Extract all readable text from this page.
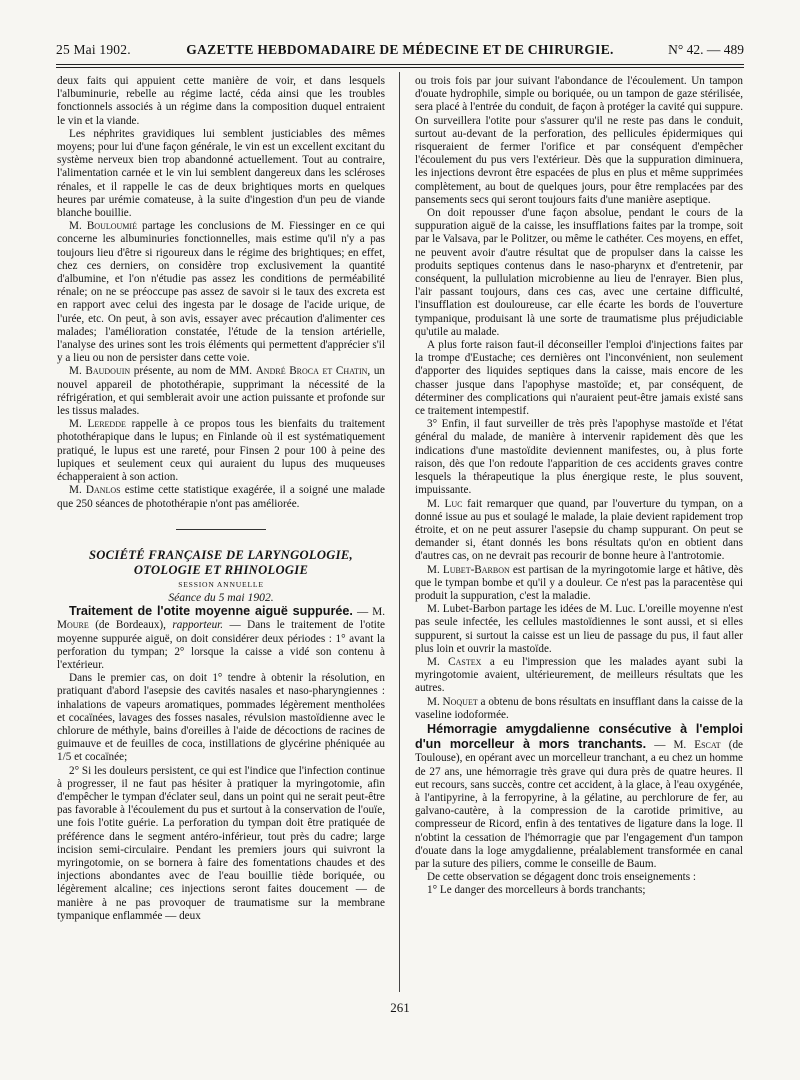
25 Mai 1902.	GAZETTE HEBDOMADAIRE DE MÉDECINE ET DE CHIRURGIE.	N° 42. — 489

deux faits qui appuient cette manière de voir, et dans lesquels l'albuminurie, rebelle au régime lacté, céda ainsi que les troubles fonctionnels associés à un régime dans la composition duquel entraient le vin et la viande.

Les néphrites gravidiques lui semblent justiciables des mêmes moyens; pour lui d'une façon générale, le vin est un excellent excitant du système nerveux bien trop abandonné actuellement. Tout au contraire, l'alimentation carnée et le vin lui semblent dangereux dans les scléroses rénales, et il rappelle le cas de deux brightiques morts en quelques heures par urémie comateuse, à la suite d'ingestion d'un peu de viande blanche bouillie.

M. Bouloumié partage les conclusions de M. Fiessinger en ce qui concerne les albuminuries fonctionnelles, mais estime qu'il n'y a pas toujours lieu d'être si rigoureux dans le régime des brightiques; en effet, chez ces derniers, on considère trop exclusivement la quantité d'albumine, et l'on n'étudie pas assez les conditions de perméabilité rénale; on ne se préoccupe pas assez de savoir si le taux des excreta est en rapport avec celui des ingesta par le dosage de l'acide urique, de l'urée, etc. On peut, à son avis, essayer avec précaution d'alimenter ces malades; l'amélioration constatée, l'étude de la tension artérielle, l'analyse des urines sont les trois éléments qui permettent d'apprécier s'il y a lieu ou non de persister dans cette voie.

M. Baudouin présente, au nom de MM. André Broca et Chatin, un nouvel appareil de photothérapie, supprimant la nécessité de la réfrigération, et qui semblerait avoir une action puissante et profonde sur les tissus malades.

M. Leredde rappelle à ce propos tous les bienfaits du traitement photothérapique dans le lupus; en Finlande où il est systématiquement pratiqué, le lupus est une rareté, pour Finsen 2 pour 100 à peine des lupiques et seulement ceux qui auraient du lupus des muqueuses échapperaient à son action.

M. Danlos estime cette statistique exagérée, il a soigné une malade que 250 séances de photothérapie n'ont pas améliorée.

SOCIÉTÉ FRANÇAISE DE LARYNGOLOGIE, OTOLOGIE ET RHINOLOGIE

SESSION ANNUELLE

Séance du 5 mai 1902.

Traitement de l'otite moyenne aiguë suppurée. — M. Moure (de Bordeaux), rapporteur. — Dans le traitement de l'otite moyenne suppurée aiguë, on doit considérer deux périodes : 1° avant la perforation du tympan; 2° lorsque la caisse a vidé son contenu à l'extérieur.

Dans le premier cas, on doit 1° tendre à obtenir la résolution, en pratiquant d'abord l'asepsie des cavités nasales et naso-pharyngiennes : inhalations de vapeurs aromatiques, pommades légèrement mentholées et cocaïnées, lavages des fosses nasales, révulsion mastoïdienne avec le chlorure de méthyle, bains d'oreilles à l'aide de décoctions de racines de guimauve et de feuilles de coca, instillations de glycérine phéniquée au 1/5 et cocaïnée;

2° Si les douleurs persistent, ce qui est l'indice que l'infection continue à progresser, il ne faut pas hésiter à pratiquer la myringotomie, afin d'empêcher le tympan d'éclater seul, dans un point qui ne serait peut-être pas favorable à l'écoulement du pus et surtout à la conservation de l'ouïe, une fois l'otite guérie. La perforation du tympan doit être pratiquée de préférence dans le segment antéro-inférieur, tout près du cadre; large incision semi-circulaire. Pendant les premiers jours qui suivront la myringotomie, on se bornera à faire des fomentations chaudes et des injections abondantes avec de l'eau bouillie tiède boriquée, ou légèrement alcaline; ces injections seront faites doucement — de manière à ne pas provoquer de traumatisme sur la membrane tympanique enflammée — deux

ou trois fois par jour suivant l'abondance de l'écoulement. Un tampon d'ouate hydrophile, simple ou boriquée, ou un tampon de gaze stérilisée, sera placé à l'entrée du conduit, de façon à protéger la cavité qui suppure. On surveillera l'otite pour s'assurer qu'il ne reste pas dans le conduit, surtout au-devant de la perforation, des pellicules épidermiques qui risqueraient de fermer l'orifice et par conséquent d'empêcher l'écoulement du pus vers l'extérieur. Dès que la suppuration diminuera, les injections devront être espacées de plus en plus et même supprimées complètement, au bout de quelques jours, pour être remplacées par des pansements secs qui seront toujours faits d'une manière aseptique.

On doit repousser d'une façon absolue, pendant le cours de la suppuration aiguë de la caisse, les insufflations faites par la trompe, soit par le Valsava, par le Politzer, ou même le cathéter. Ces moyens, en effet, ne peuvent avoir d'autre résultat que de propulser dans la caisse les produits septiques contenus dans le naso-pharynx et d'entretenir, par conséquent, la pullulation microbienne au lieu de l'enrayer. Bien plus, l'air passant toujours, dans ces cas, avec une certaine difficulté, l'insufflation est douloureuse, car elle écarte les bords de l'ouverture tympanique, produisant là une sorte de traumatisme plus préjudiciable qu'utile au malade.

A plus forte raison faut-il déconseiller l'emploi d'injections faites par la trompe d'Eustache; ces dernières ont l'inconvénient, non seulement d'apporter des liquides septiques dans la caisse, mais encore de les chasser jusque dans l'apophyse mastoïde; et, par conséquent, de déterminer des complications qui n'auraient peut-être jamais existé sans ce traitement intempestif.

3° Enfin, il faut surveiller de très près l'apophyse mastoïde et l'état général du malade, de manière à intervenir rapidement dès que les indications d'une mastoïdite deviennent manifestes, ou, à plus forte raison, dès que l'on redoute l'apparition de ces accidents graves contre lesquels la thérapeutique la plus énergique reste, le plus souvent, impuissante.

M. Luc fait remarquer que quand, par l'ouverture du tympan, on a donné issue au pus et soulagé le malade, la plaie devient rapidement trop étroite, et on ne peut assurer l'asepsie du champ suppurant. On peut se demander si, étant donnés les bons résultats qu'on en obtient dans d'autres cas, on ne devrait pas recourir de bonne heure à l'antrotomie.

M. Lubet-Barbon est partisan de la myringotomie large et hâtive, dès que le tympan bombe et qu'il y a douleur. Ce n'est pas la paracentèse qui produit la suppuration, c'est la maladie.

M. Lubet-Barbon partage les idées de M. Luc. L'oreille moyenne n'est pas seule infectée, les cellules mastoïdiennes le sont aussi, et si elles suppurent, si surtout la caisse est un lieu de passage du pus, il faut aller plus loin et ouvrir la mastoïde.

M. Castex a eu l'impression que les malades ayant subi la myringotomie avaient, ultérieurement, de meilleurs résultats que les autres.

M. Noquet a obtenu de bons résultats en insufflant dans la caisse de la vaseline iodoformée.

Hémorragie amygdalienne consécutive à l'emploi d'un morcelleur à mors tranchants. — M. Escat (de Toulouse), en opérant avec un morcelleur tranchant, a eu chez un homme de 27 ans, une hémorragie très grave qui dura près de quatre heures. Il eut recours, sans succès, contre cet accident, à la glace, à l'eau oxygénée, à l'antipyrine, à la ferropyrine, à la gélatine, au perchlorure de fer, au galvano-cautère, à la compression de la carotide primitive, au compresseur de Ricord, enfin à des tentatives de ligature dans la loge. Il n'obtint la cessation de l'hémorragie que par l'engagement d'un tampon d'ouate dans la loge amygdalienne, préalablement transformée en canal par la suture des piliers, comme le conseille de Baum.

De cette observation se dégagent donc trois enseignements :

1° Le danger des morcelleurs à bords tranchants;

261
